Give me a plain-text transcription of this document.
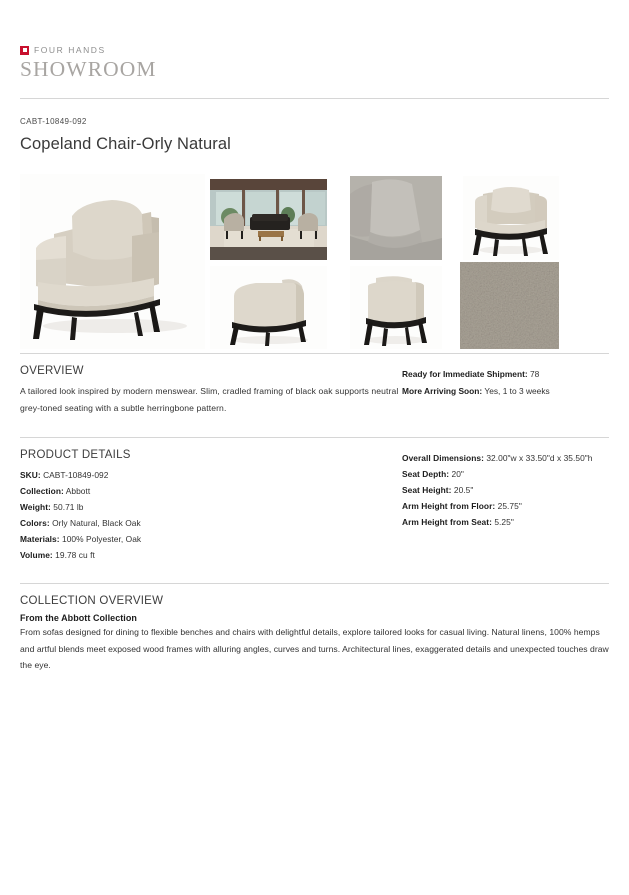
FOUR HANDS
SHOWROOM
CABT-10849-092
Copeland Chair-Orly Natural
OVERVIEW
A tailored look inspired by modern menswear. Slim, cradled framing of black oak supports neutral grey-toned seating with a subtle herringbone pattern.
Ready for Immediate Shipment: 78
More Arriving Soon: Yes, 1 to 3 weeks
PRODUCT DETAILS
SKU: CABT-10849-092
Collection: Abbott
Weight: 50.71 lb
Colors: Orly Natural, Black Oak
Materials: 100% Polyester, Oak
Volume: 19.78 cu ft
Overall Dimensions: 32.00"w x 33.50"d x 35.50"h
Seat Depth: 20"
Seat Height: 20.5"
Arm Height from Floor: 25.75"
Arm Height from Seat: 5.25"
COLLECTION OVERVIEW
From the Abbott Collection
From sofas designed for dining to flexible benches and chairs with delightful details, explore tailored looks for casual living. Natural linens, 100% hemps and artful blends meet exposed wood frames with alluring angles, curves and turns. Architectural lines, exaggerated details and unexpected touches draw the eye.
